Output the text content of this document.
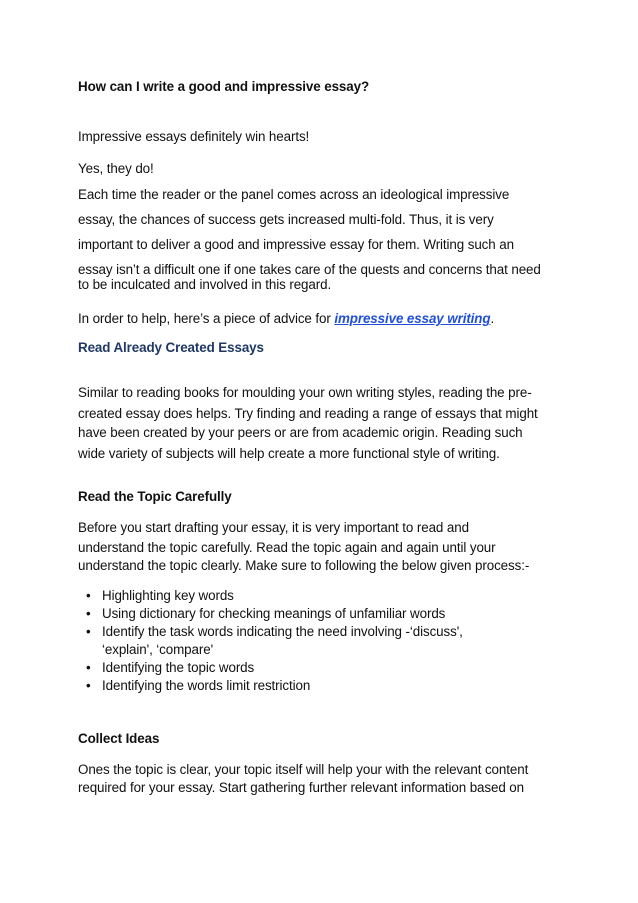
How can I write a good and impressive essay?
Impressive essays definitely win hearts!
Yes, they do!
Each time the reader or the panel comes across an ideological impressive
essay, the chances of success gets increased multi-fold. Thus, it is very
important to deliver a good and impressive essay for them. Writing such an
essay isn’t a difficult one if one takes care of the quests and concerns that need
to be inculcated and involved in this regard.
In order to help, here’s a piece of advice for impressive essay writing.
Read Already Created Essays
Similar to reading books for moulding your own writing styles, reading the pre-
created essay does helps. Try finding and reading a range of essays that might
have been created by your peers or are from academic origin. Reading such
wide variety of subjects will help create a more functional style of writing.
Read the Topic Carefully
Before you start drafting your essay, it is very important to read and
understand the topic carefully. Read the topic again and again until your
understand the topic clearly. Make sure to following the below given process:-
• Highlighting key words
• Using dictionary for checking meanings of unfamiliar words
• Identify the task words indicating the need involving -‘discuss',
‘explain', ‘compare'
• Identifying the topic words
• Identifying the words limit restriction
Collect Ideas
Ones the topic is clear, your topic itself will help your with the relevant content
required for your essay. Start gathering further relevant information based on
